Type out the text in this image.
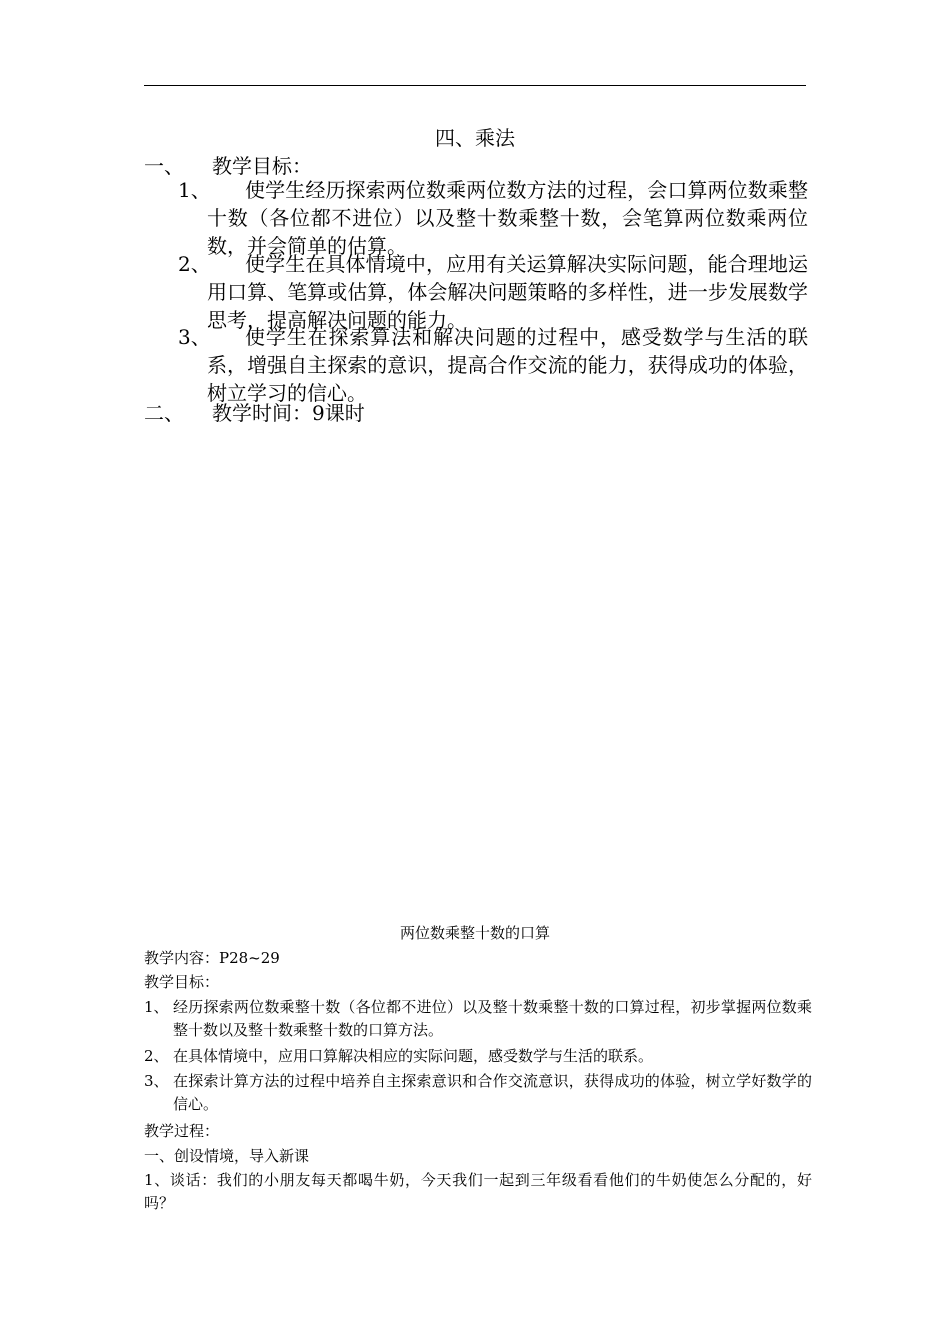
四、乘法
一、 教学目标：
1、	使学生经历探索两位数乘两位数方法的过程，会口算两位数乘整十数（各位都不进位）以及整十数乘整十数，会笔算两位数乘两位数，并会简单的估算。
2、	使学生在具体情境中，应用有关运算解决实际问题，能合理地运用口算、笔算或估算，体会解决问题策略的多样性，进一步发展数学思考，提高解决问题的能力。
3、	使学生在探索算法和解决问题的过程中，感受数学与生活的联系，增强自主探索的意识，提高合作交流的能力，获得成功的体验，树立学习的信心。
二、 教学时间：9课时
两位数乘整十数的口算
教学内容：P28~29
教学目标：
1、 经历探索两位数乘整十数（各位都不进位）以及整十数乘整十数的口算过程，初步掌握两位数乘整十数以及整十数乘整十数的口算方法。
2、 在具体情境中，应用口算解决相应的实际问题，感受数学与生活的联系。
3、 在探索计算方法的过程中培养自主探索意识和合作交流意识，获得成功的体验，树立学好数学的信心。
教学过程：
一、创设情境，导入新课
1、谈话：我们的小朋友每天都喝牛奶，今天我们一起到三年级看看他们的牛奶使怎么分配的，好吗？
